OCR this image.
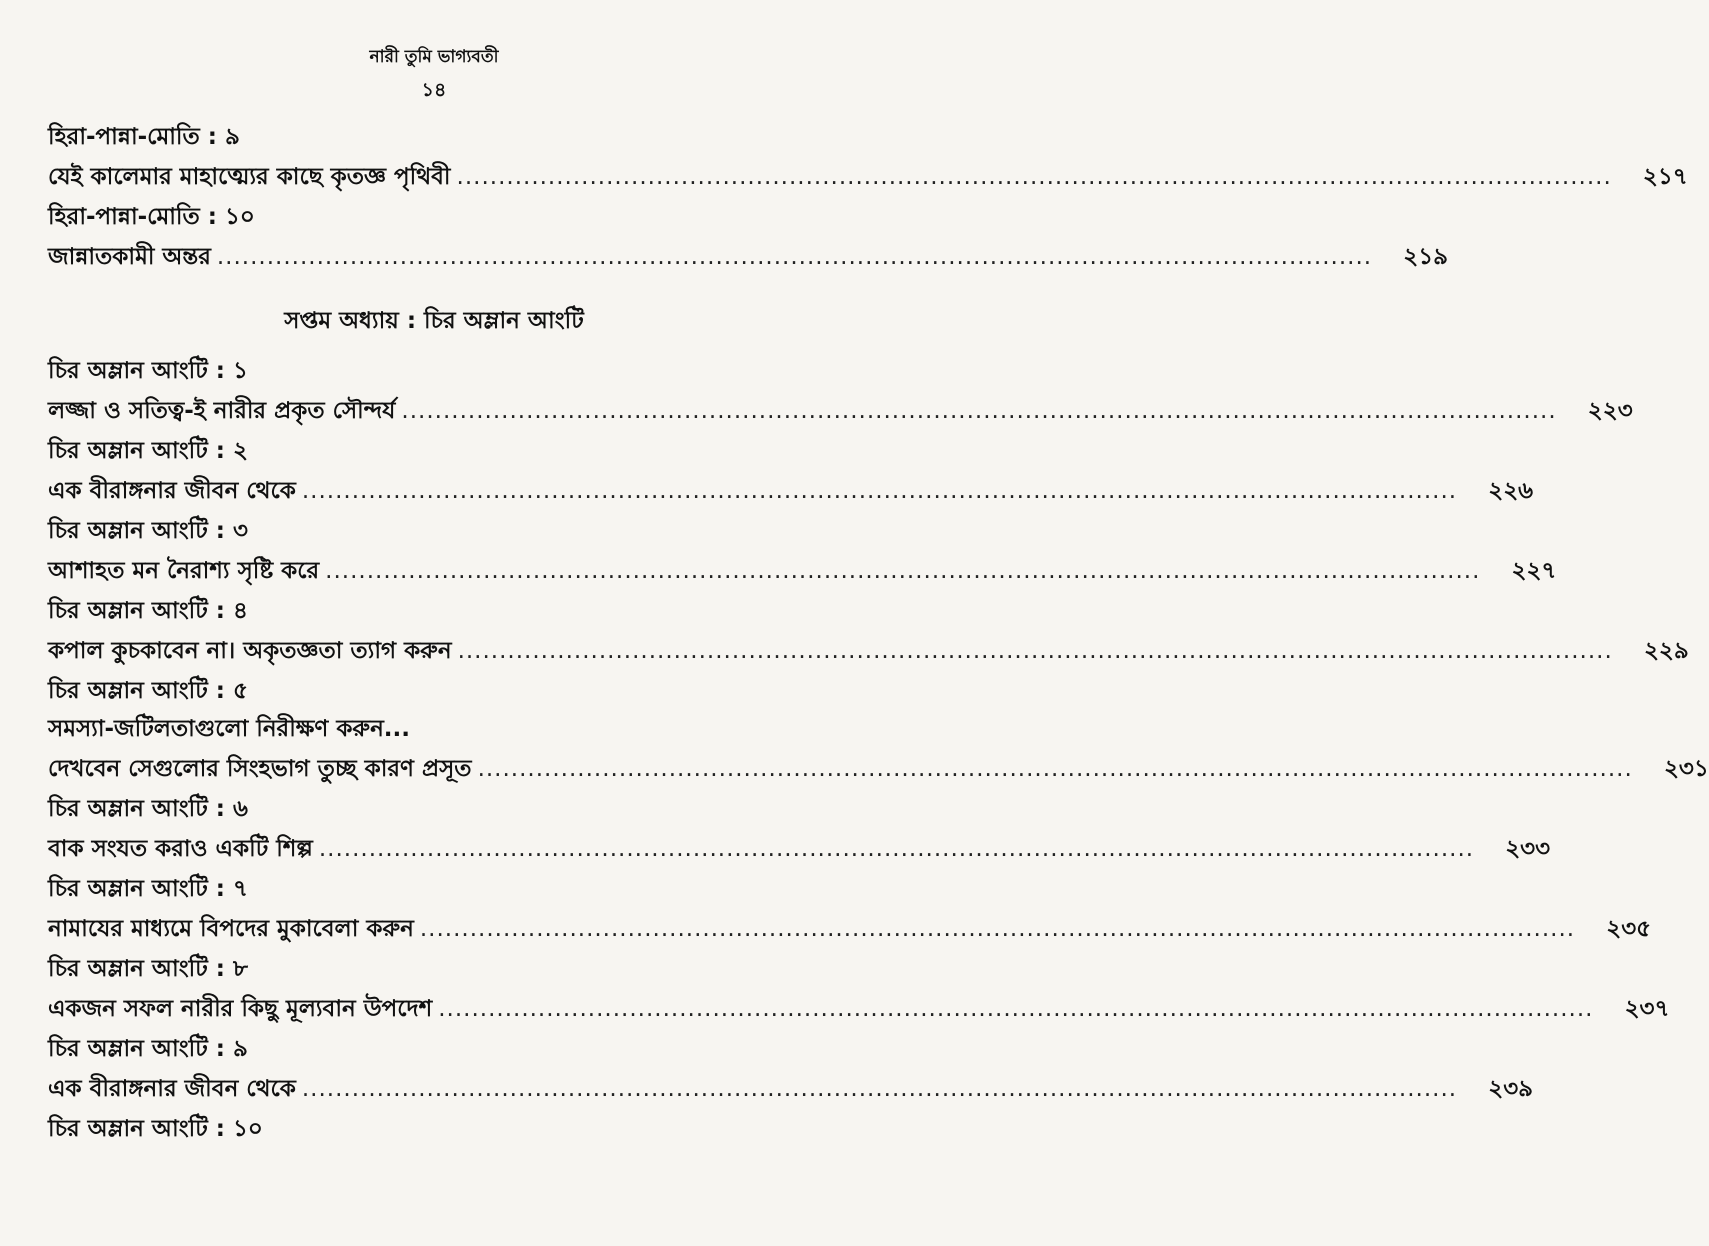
নারী তুমি ভাগ্যবতী
১৪
হিরা-পান্না-মোতি : ৯
যেই কালেমার মাহাত্ম্যের কাছে কৃতজ্ঞ পৃথিবী ...........................................................................................................................................	২১৭
হিরা-পান্না-মোতি : ১০
জান্নাতকামী অন্তর ...........................................................................................................................................	২১৯
সপ্তম অধ্যায় : চির অম্লান আংটি
চির অম্লান আংটি : ১
লজ্জা ও সতিত্ব-ই নারীর প্রকৃত সৌন্দর্য ...........................................................................................................................................	২২৩
চির অম্লান আংটি : ২
এক বীরাঙ্গনার জীবন থেকে ...........................................................................................................................................	২২৬
চির অম্লান আংটি : ৩
আশাহত মন নৈরাশ্য সৃষ্টি করে ...........................................................................................................................................	২২৭
চির অম্লান আংটি : ৪
কপাল কুচকাবেন না। অকৃতজ্ঞতা ত্যাগ করুন ...........................................................................................................................................	২২৯
চির অম্লান আংটি : ৫
সমস্যা-জটিলতাগুলো নিরীক্ষণ করুন...
দেখবেন সেগুলোর সিংহভাগ তুচ্ছ কারণ প্রসূত ...........................................................................................................................................	২৩১
চির অম্লান আংটি : ৬
বাক সংযত করাও একটি শিল্প ...........................................................................................................................................	২৩৩
চির অম্লান আংটি : ৭
নামাযের মাধ্যমে বিপদের মুকাবেলা করুন ...........................................................................................................................................	২৩৫
চির অম্লান আংটি : ৮
একজন সফল নারীর কিছু মূল্যবান উপদেশ ...........................................................................................................................................	২৩৭
চির অম্লান আংটি : ৯
এক বীরাঙ্গনার জীবন থেকে ...........................................................................................................................................	২৩৯
চির অম্লান আংটি : ১০
